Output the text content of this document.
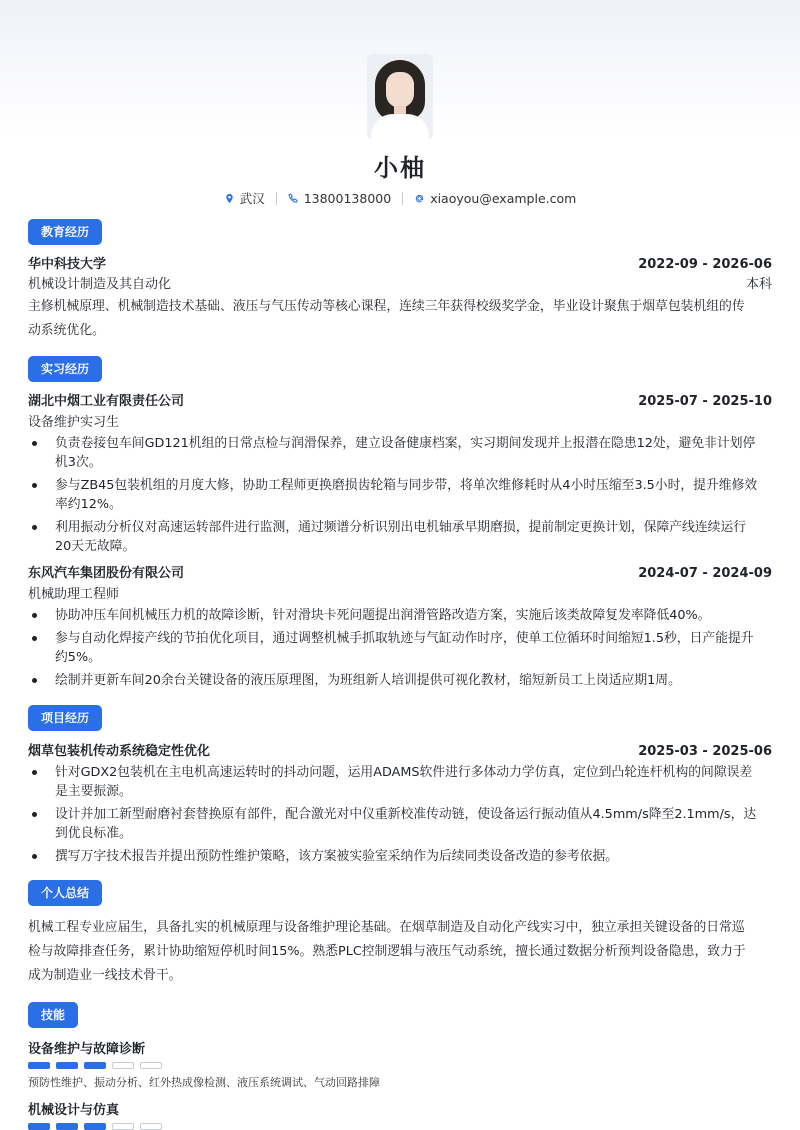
小柚
武汉	13800138000	xiaoyou@example.com
教育经历
华中科技大学	2022-09 - 2026-06
机械设计制造及其自动化	本科
主修机械原理、机械制造技术基础、液压与气压传动等核心课程，连续三年获得校级奖学金，毕业设计聚焦于烟草包装机组的传
动系统优化。
实习经历
湖北中烟工业有限责任公司	2025-07 - 2025-10
设备维护实习生
负责卷接包车间GD121机组的日常点检与润滑保养，建立设备健康档案，实习期间发现并上报潜在隐患12处，避免非计划停
机3次。
参与ZB45包装机组的月度大修，协助工程师更换磨损齿轮箱与同步带，将单次维修耗时从4小时压缩至3.5小时，提升维修效
率约12%。
利用振动分析仪对高速运转部件进行监测，通过频谱分析识别出电机轴承早期磨损，提前制定更换计划，保障产线连续运行
20天无故障。
东风汽车集团股份有限公司	2024-07 - 2024-09
机械助理工程师
协助冲压车间机械压力机的故障诊断，针对滑块卡死问题提出润滑管路改造方案，实施后该类故障复发率降低40%。
参与自动化焊接产线的节拍优化项目，通过调整机械手抓取轨迹与气缸动作时序，使单工位循环时间缩短1.5秒，日产能提升
约5%。
绘制并更新车间20余台关键设备的液压原理图，为班组新人培训提供可视化教材，缩短新员工上岗适应期1周。
项目经历
烟草包装机传动系统稳定性优化	2025-03 - 2025-06
针对GDX2包装机在主电机高速运转时的抖动问题，运用ADAMS软件进行多体动力学仿真，定位到凸轮连杆机构的间隙误差
是主要振源。
设计并加工新型耐磨衬套替换原有部件，配合激光对中仪重新校准传动链，使设备运行振动值从4.5mm/s降至2.1mm/s，达
到优良标准。
撰写万字技术报告并提出预防性维护策略，该方案被实验室采纳作为后续同类设备改造的参考依据。
个人总结
机械工程专业应届生，具备扎实的机械原理与设备维护理论基础。在烟草制造及自动化产线实习中，独立承担关键设备的日常巡
检与故障排查任务，累计协助缩短停机时间15%。熟悉PLC控制逻辑与液压气动系统，擅长通过数据分析预判设备隐患，致力于
成为制造业一线技术骨干。
技能
设备维护与故障诊断
预防性维护、振动分析、红外热成像检测、液压系统调试、气动回路排障
机械设计与仿真
